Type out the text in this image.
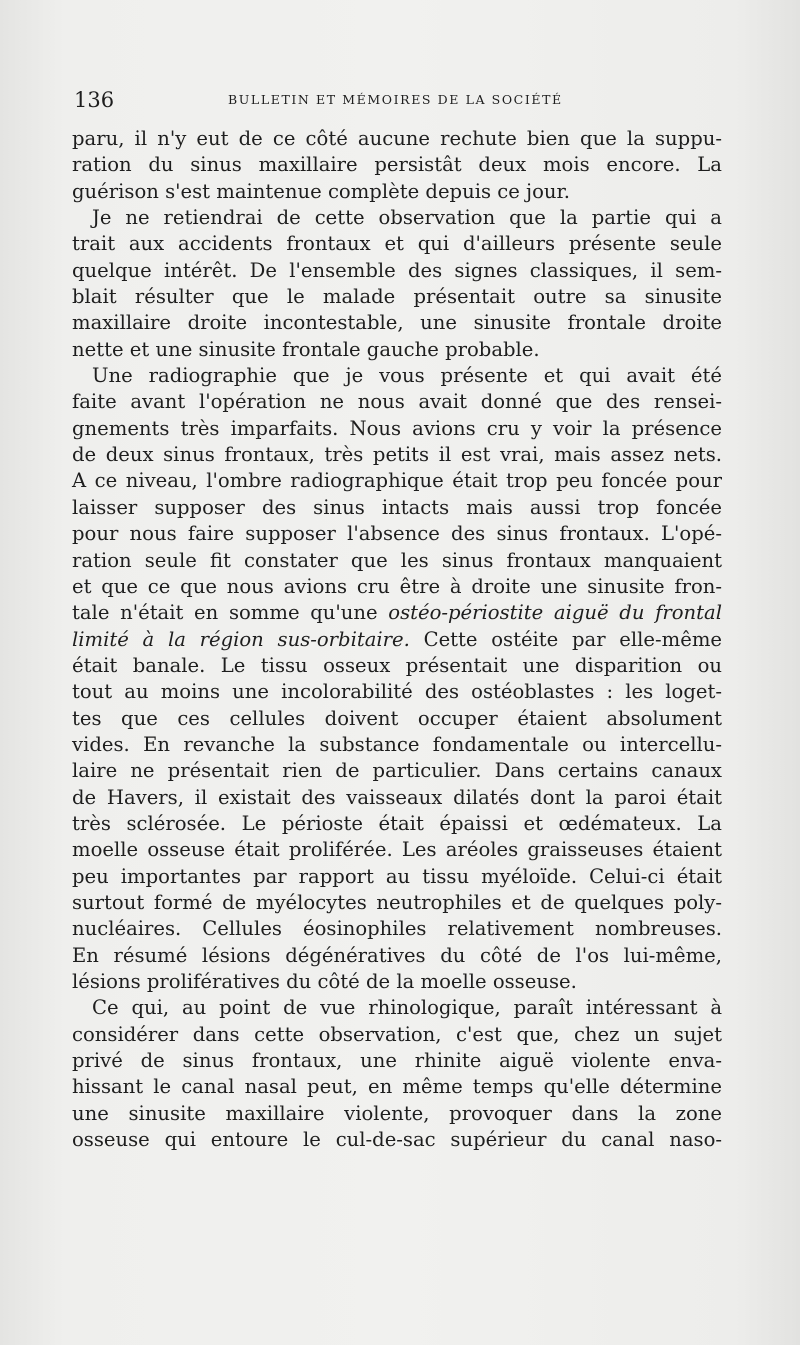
136	BULLETIN ET MÉMOIRES DE LA SOCIÉTÉ
paru, il n'y eut de ce côté aucune rechute bien que la suppu-
ration du sinus maxillaire persistât deux mois encore. La
guérison s'est maintenue complète depuis ce jour.
Je ne retiendrai de cette observation que la partie qui a
trait aux accidents frontaux et qui d'ailleurs présente seule
quelque intérêt. De l'ensemble des signes classiques, il sem-
blait résulter que le malade présentait outre sa sinusite
maxillaire droite incontestable, une sinusite frontale droite
nette et une sinusite frontale gauche probable.
Une radiographie que je vous présente et qui avait été
faite avant l'opération ne nous avait donné que des rensei-
gnements très imparfaits. Nous avions cru y voir la présence
de deux sinus frontaux, très petits il est vrai, mais assez nets.
A ce niveau, l'ombre radiographique était trop peu foncée pour
laisser supposer des sinus intacts mais aussi trop foncée
pour nous faire supposer l'absence des sinus frontaux. L'opé-
ration seule fit constater que les sinus frontaux manquaient
et que ce que nous avions cru être à droite une sinusite fron-
tale n'était en somme qu'une ostéo-périostite aiguë du frontal
limité à la région sus-orbitaire. Cette ostéite par elle-même
était banale. Le tissu osseux présentait une disparition ou
tout au moins une incolorabilité des ostéoblastes : les loget-
tes que ces cellules doivent occuper étaient absolument
vides. En revanche la substance fondamentale ou intercellu-
laire ne présentait rien de particulier. Dans certains canaux
de Havers, il existait des vaisseaux dilatés dont la paroi était
très sclérosée. Le périoste était épaissi et œdémateux. La
moelle osseuse était proliférée. Les aréoles graisseuses étaient
peu importantes par rapport au tissu myéloïde. Celui-ci était
surtout formé de myélocytes neutrophiles et de quelques poly-
nucléaires. Cellules éosinophiles relativement nombreuses.
En résumé lésions dégénératives du côté de l'os lui-même,
lésions prolifératives du côté de la moelle osseuse.
Ce qui, au point de vue rhinologique, paraît intéressant à
considérer dans cette observation, c'est que, chez un sujet
privé de sinus frontaux, une rhinite aiguë violente enva-
hissant le canal nasal peut, en même temps qu'elle détermine
une sinusite maxillaire violente, provoquer dans la zone
osseuse qui entoure le cul-de-sac supérieur du canal naso-
